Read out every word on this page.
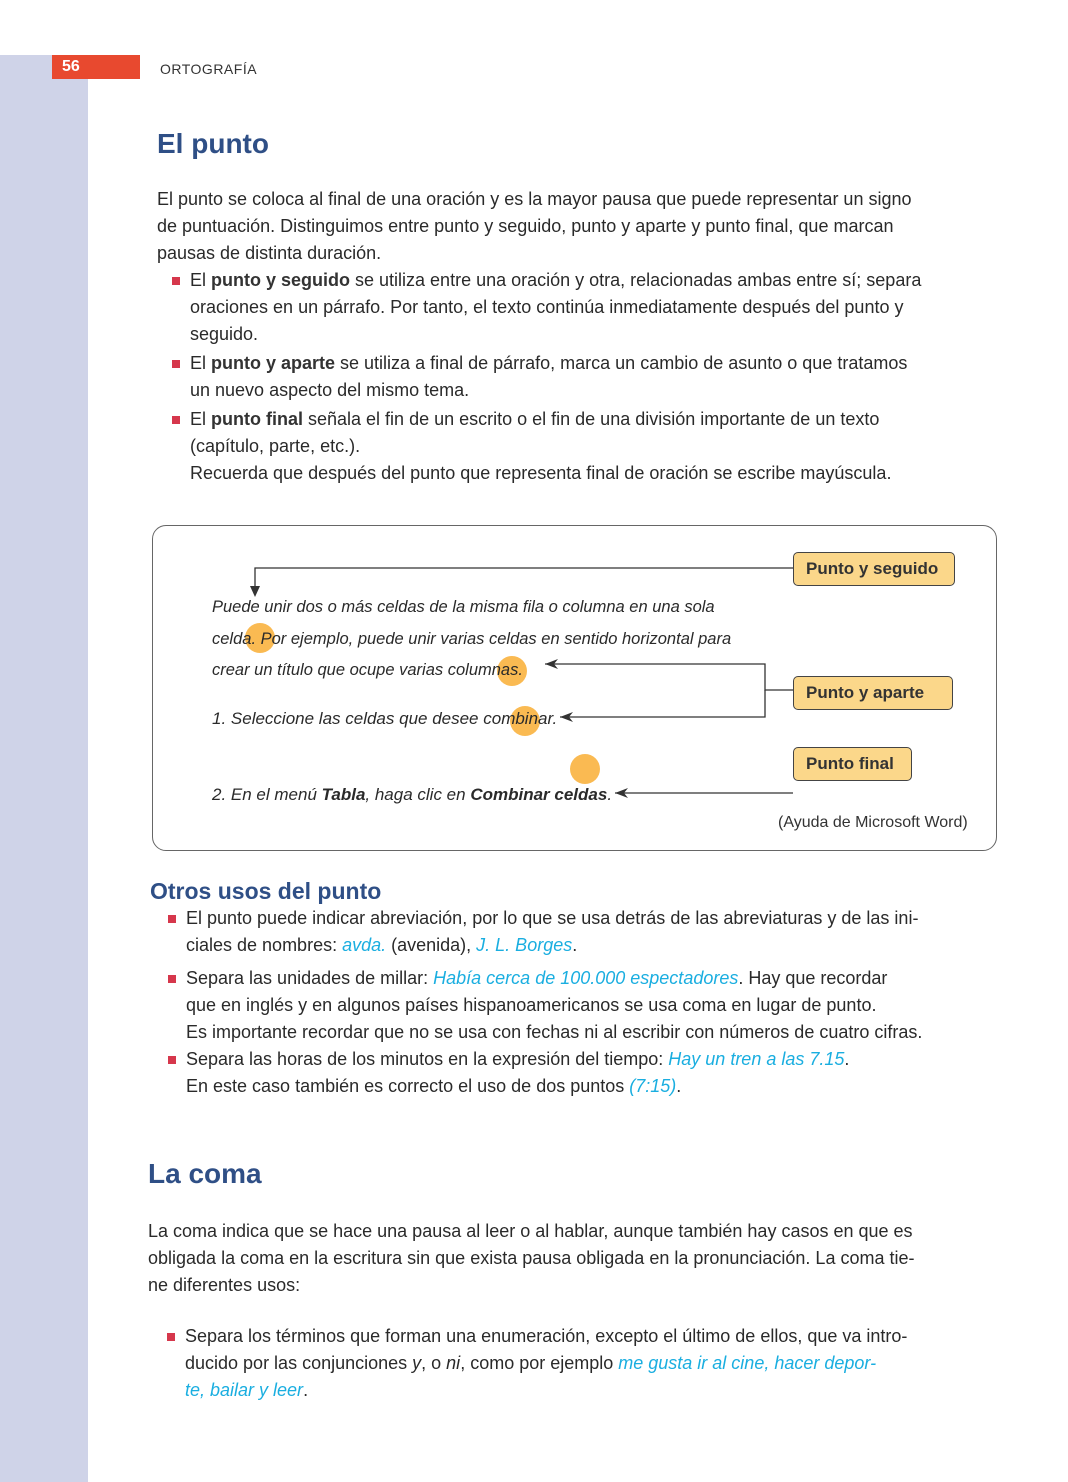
56	ORTOGRAFÍA
El punto
El punto se coloca al final de una oración y es la mayor pausa que puede representar un signo
de puntuación. Distinguimos entre punto y seguido, punto y aparte y punto final, que marcan
pausas de distinta duración.
El punto y seguido se utiliza entre una oración y otra, relacionadas ambas entre sí; separa
oraciones en un párrafo. Por tanto, el texto continúa inmediatamente después del punto y
seguido.
El punto y aparte se utiliza a final de párrafo, marca un cambio de asunto o que tratamos
un nuevo aspecto del mismo tema.
El punto final señala el fin de un escrito o el fin de una división importante de un texto
(capítulo, parte, etc.).
Recuerda que después del punto que representa final de oración se escribe mayúscula.
Puede unir dos o más celdas de la misma fila o columna en una sola
celda. Por ejemplo, puede unir varias celdas en sentido horizontal para
crear un título que ocupe varias columnas.
1. Seleccione las celdas que desee combinar.
2. En el menú Tabla, haga clic en Combinar celdas.
Punto y seguido
Punto y aparte
Punto final
(Ayuda de Microsoft Word)
Otros usos del punto
El punto puede indicar abreviación, por lo que se usa detrás de las abreviaturas y de las ini-
ciales de nombres: avda. (avenida), J. L. Borges.
Separa las unidades de millar: Había cerca de 100.000 espectadores. Hay que recordar
que en inglés y en algunos países hispanoamericanos se usa coma en lugar de punto.
Es importante recordar que no se usa con fechas ni al escribir con números de cuatro cifras.
Separa las horas de los minutos en la expresión del tiempo: Hay un tren a las 7.15.
En este caso también es correcto el uso de dos puntos (7:15).
La coma
La coma indica que se hace una pausa al leer o al hablar, aunque también hay casos en que es
obligada la coma en la escritura sin que exista pausa obligada en la pronunciación. La coma tie-
ne diferentes usos:
Separa los términos que forman una enumeración, excepto el último de ellos, que va intro-
ducido por las conjunciones y, o ni, como por ejemplo me gusta ir al cine, hacer depor-
te, bailar y leer.
